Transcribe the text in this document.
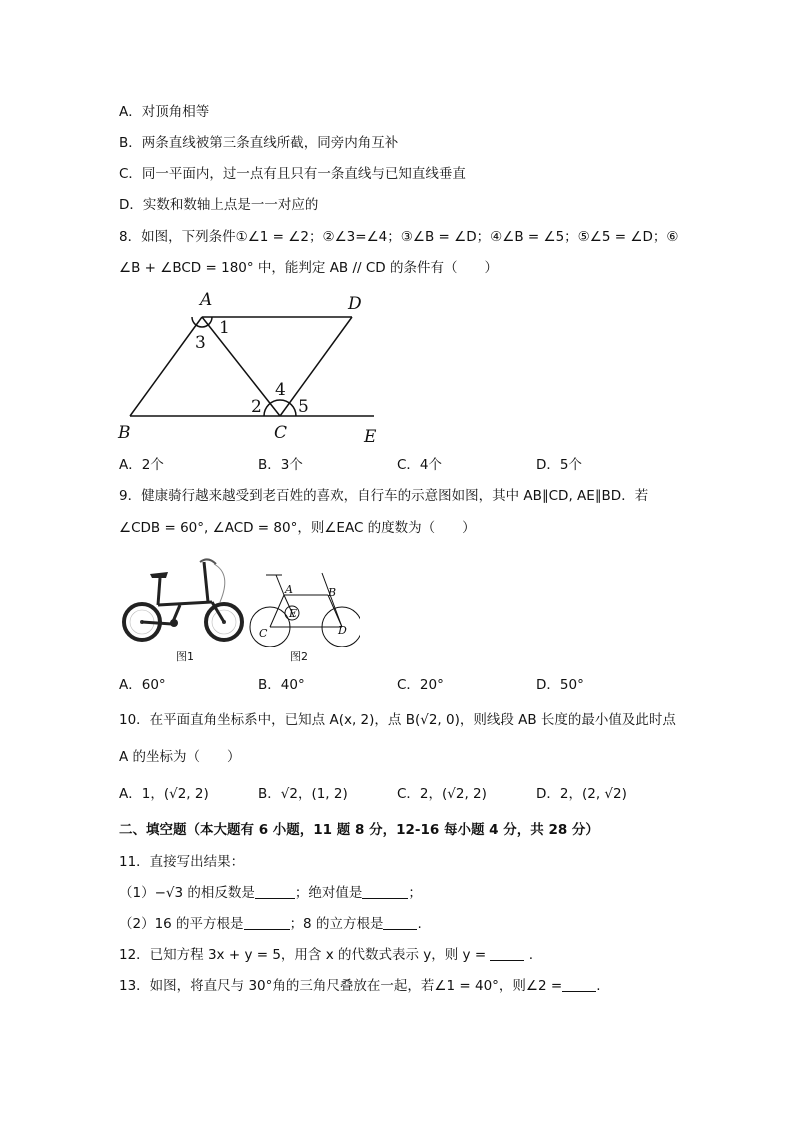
A．对顶角相等
B．两条直线被第三条直线所截，同旁内角互补
C．同一平面内，过一点有且只有一条直线与已知直线垂直
D．实数和数轴上点是一一对应的
8．如图，下列条件①∠1 = ∠2；②∠3=∠4；③∠B = ∠D；④∠B = ∠5；⑤∠5 = ∠D；⑥
∠B + ∠BCD = 180° 中，能判定 AB // CD 的条件有（　　）
A	D
B	C	E
1
2
3
4
5
A．2个	B．3个	C．4个	D．5个
9．健康骑行越来越受到老百姓的喜欢，自行车的示意图如图，其中 AB∥CD, AE∥BD．若
∠CDB = 60°, ∠ACD = 80°，则∠EAC 的度数为（　　）
图1
A	B
C	D
E
图2
A．60°	B．40°	C．20°	D．50°
10．在平面直角坐标系中，已知点 A(x, 2)，点 B(√2, 0)，则线段 AB 长度的最小值及此时点
A 的坐标为（　　）
A．1，(√2, 2)	B．√2，(1, 2)	C．2，(√2, 2)	D．2，(2, √2)
二、填空题（本大题有 6 小题，11 题 8 分，12-16 每小题 4 分，共 28 分）
11．直接写出结果：
（1）−√3 的相反数是	；绝对值是	；
（2）16 的平方根是	；8 的立方根是	.
12．已知方程 3x + y = 5，用含 x 的代数式表示 y，则 y =	.
13．如图，将直尺与 30°角的三角尺叠放在一起，若∠1 = 40°，则∠2 =	.
